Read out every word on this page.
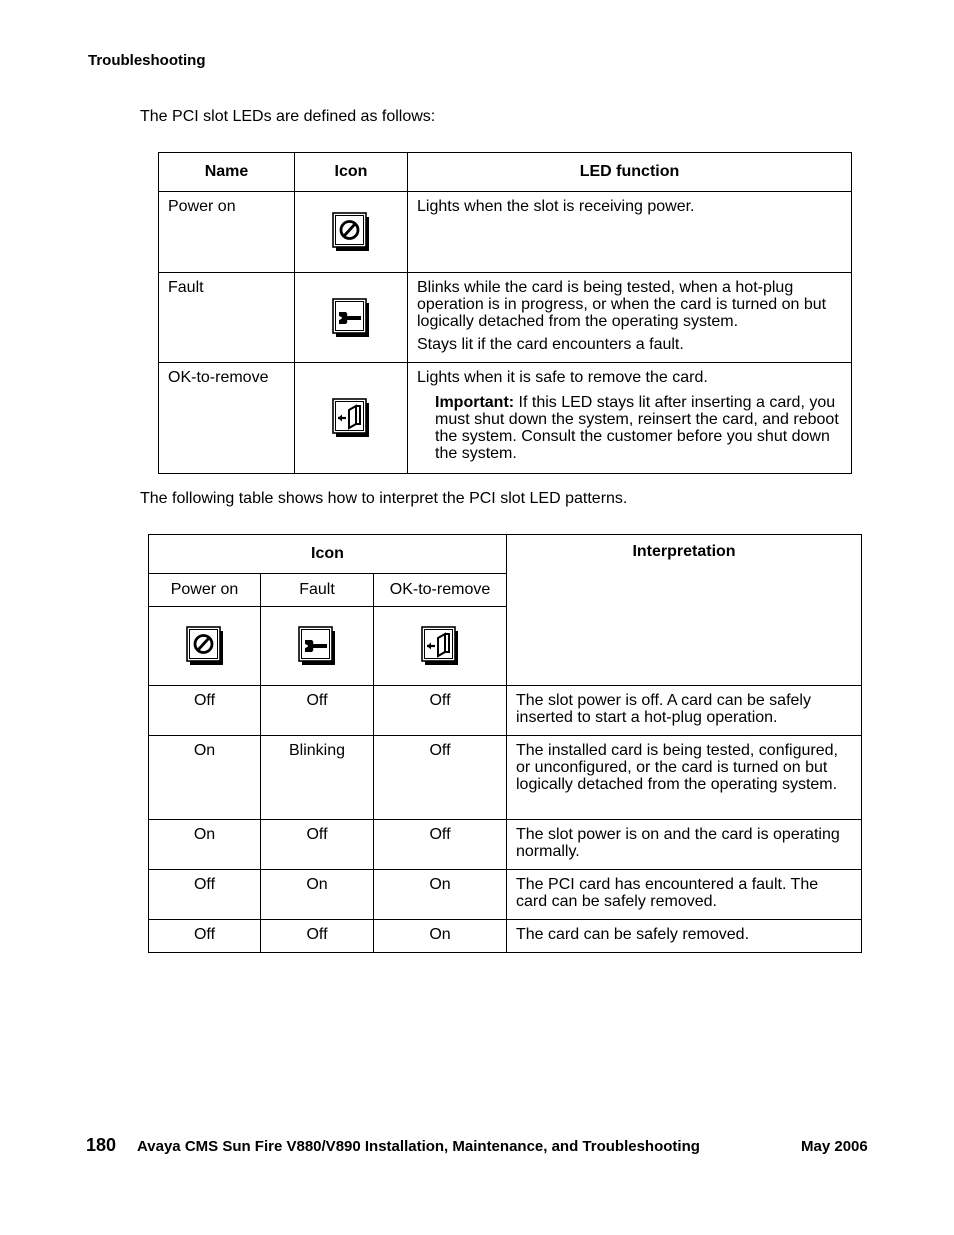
Troubleshooting
The PCI slot LEDs are defined as follows:
Name	Icon	LED function
Power on		Lights when the slot is receiving power.
Fault		Blinks while the card is being tested, when a hot-plug operation is in progress, or when the card is turned on but logically detached from the operating system.
Stays lit if the card encounters a fault.

OK-to-remove		Lights when it is safe to remove the card.
Important: If this LED stays lit after inserting a card, you must shut down the system, reinsert the card, and reboot the system. Consult the customer before you shut down the system.
The following table shows how to interpret the PCI slot LED patterns.
Icon			Interpretation
Power on	Fault	OK-to-remove	

Off	Off	Off	The slot power is off. A card can be safely inserted to start a hot-plug operation.
On	Blinking	Off	The installed card is being tested, configured, or unconfigured, or the card is turned on but logically detached from the operating system.
On	Off	Off	The slot power is on and the card is operating normally.
Off	On	On	The PCI card has encountered a fault. The card can be safely removed.
Off	Off	On	The card can be safely removed.
180 Avaya CMS Sun Fire V880/V890 Installation, Maintenance, and Troubleshooting	May 2006
